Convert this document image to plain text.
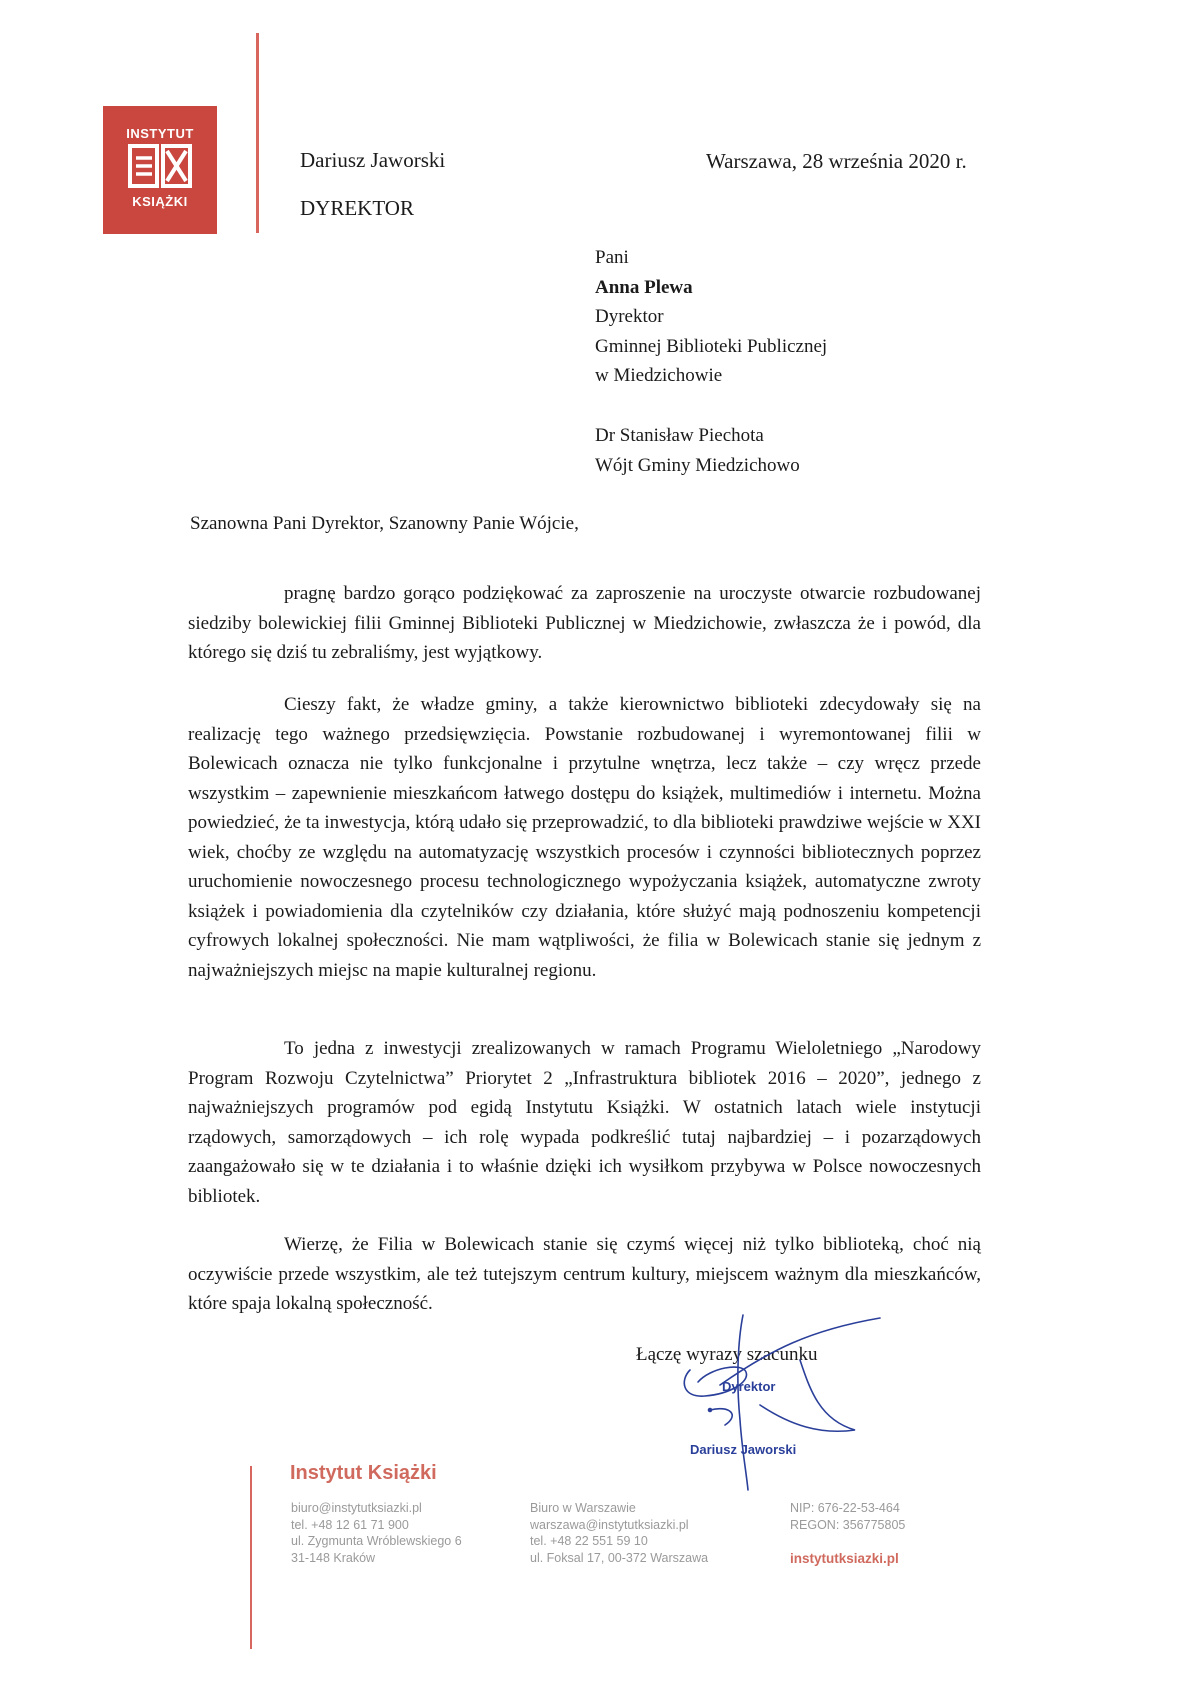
INSTYTUT
KSIĄŻKI
Dariusz Jaworski
DYREKTOR
Warszawa, 28 września 2020 r.
Pani
Anna Plewa
Dyrektor
Gminnej Biblioteki Publicznej
w Miedzichowie
Dr Stanisław Piechota
Wójt Gminy Miedzichowo
Szanowna Pani Dyrektor, Szanowny Panie Wójcie,

pragnę bardzo gorąco podziękować za zaproszenie na uroczyste otwarcie rozbudowanej siedziby bolewickiej filii Gminnej Biblioteki Publicznej w Miedzichowie, zwłaszcza że i powód, dla którego się dziś tu zebraliśmy, jest wyjątkowy.

Cieszy fakt, że władze gminy, a także kierownictwo biblioteki zdecydowały się na realizację tego ważnego przedsięwzięcia. Powstanie rozbudowanej i wyremontowanej filii w Bolewicach oznacza nie tylko funkcjonalne i przytulne wnętrza, lecz także – czy wręcz przede wszystkim – zapewnienie mieszkańcom łatwego dostępu do książek, multimediów i internetu. Można powiedzieć, że ta inwestycja, którą udało się przeprowadzić, to dla biblioteki prawdziwe wejście w XXI wiek, choćby ze względu na automatyzację wszystkich procesów i czynności bibliotecznych poprzez uruchomienie nowoczesnego procesu technologicznego wypożyczania książek, automatyczne zwroty książek i powiadomienia dla czytelników czy działania, które służyć mają podnoszeniu kompetencji cyfrowych lokalnej społeczności. Nie mam wątpliwości, że filia w Bolewicach stanie się jednym z najważniejszych miejsc na mapie kulturalnej regionu.

To jedna z inwestycji zrealizowanych w ramach Programu Wieloletniego „Narodowy Program Rozwoju Czytelnictwa” Priorytet 2 „Infrastruktura bibliotek 2016 – 2020”, jednego z najważniejszych programów pod egidą Instytutu Książki. W ostatnich latach wiele instytucji rządowych, samorządowych – ich rolę wypada podkreślić tutaj najbardziej – i pozarządowych zaangażowało się w te działania i to właśnie dzięki ich wysiłkom przybywa w Polsce nowoczesnych bibliotek.

Wierzę, że Filia w Bolewicach stanie się czymś więcej niż tylko biblioteką, choć nią oczywiście przede wszystkim, ale też tutejszym centrum kultury, miejscem ważnym dla mieszkańców, które spaja lokalną społeczność.

Łączę wyrazy szacunku
Dyrektor
Dariusz Jaworski
Instytut Książki
biuro@instytutksiazki.pl
tel. +48 12 61 71 900
ul. Zygmunta Wróblewskiego 6
31-148 Kraków
Biuro w Warszawie
warszawa@instytutksiazki.pl
tel. +48 22 551 59 10
ul. Foksal 17, 00-372 Warszawa
NIP: 676-22-53-464
REGON: 356775805
instytutksiazki.pl
